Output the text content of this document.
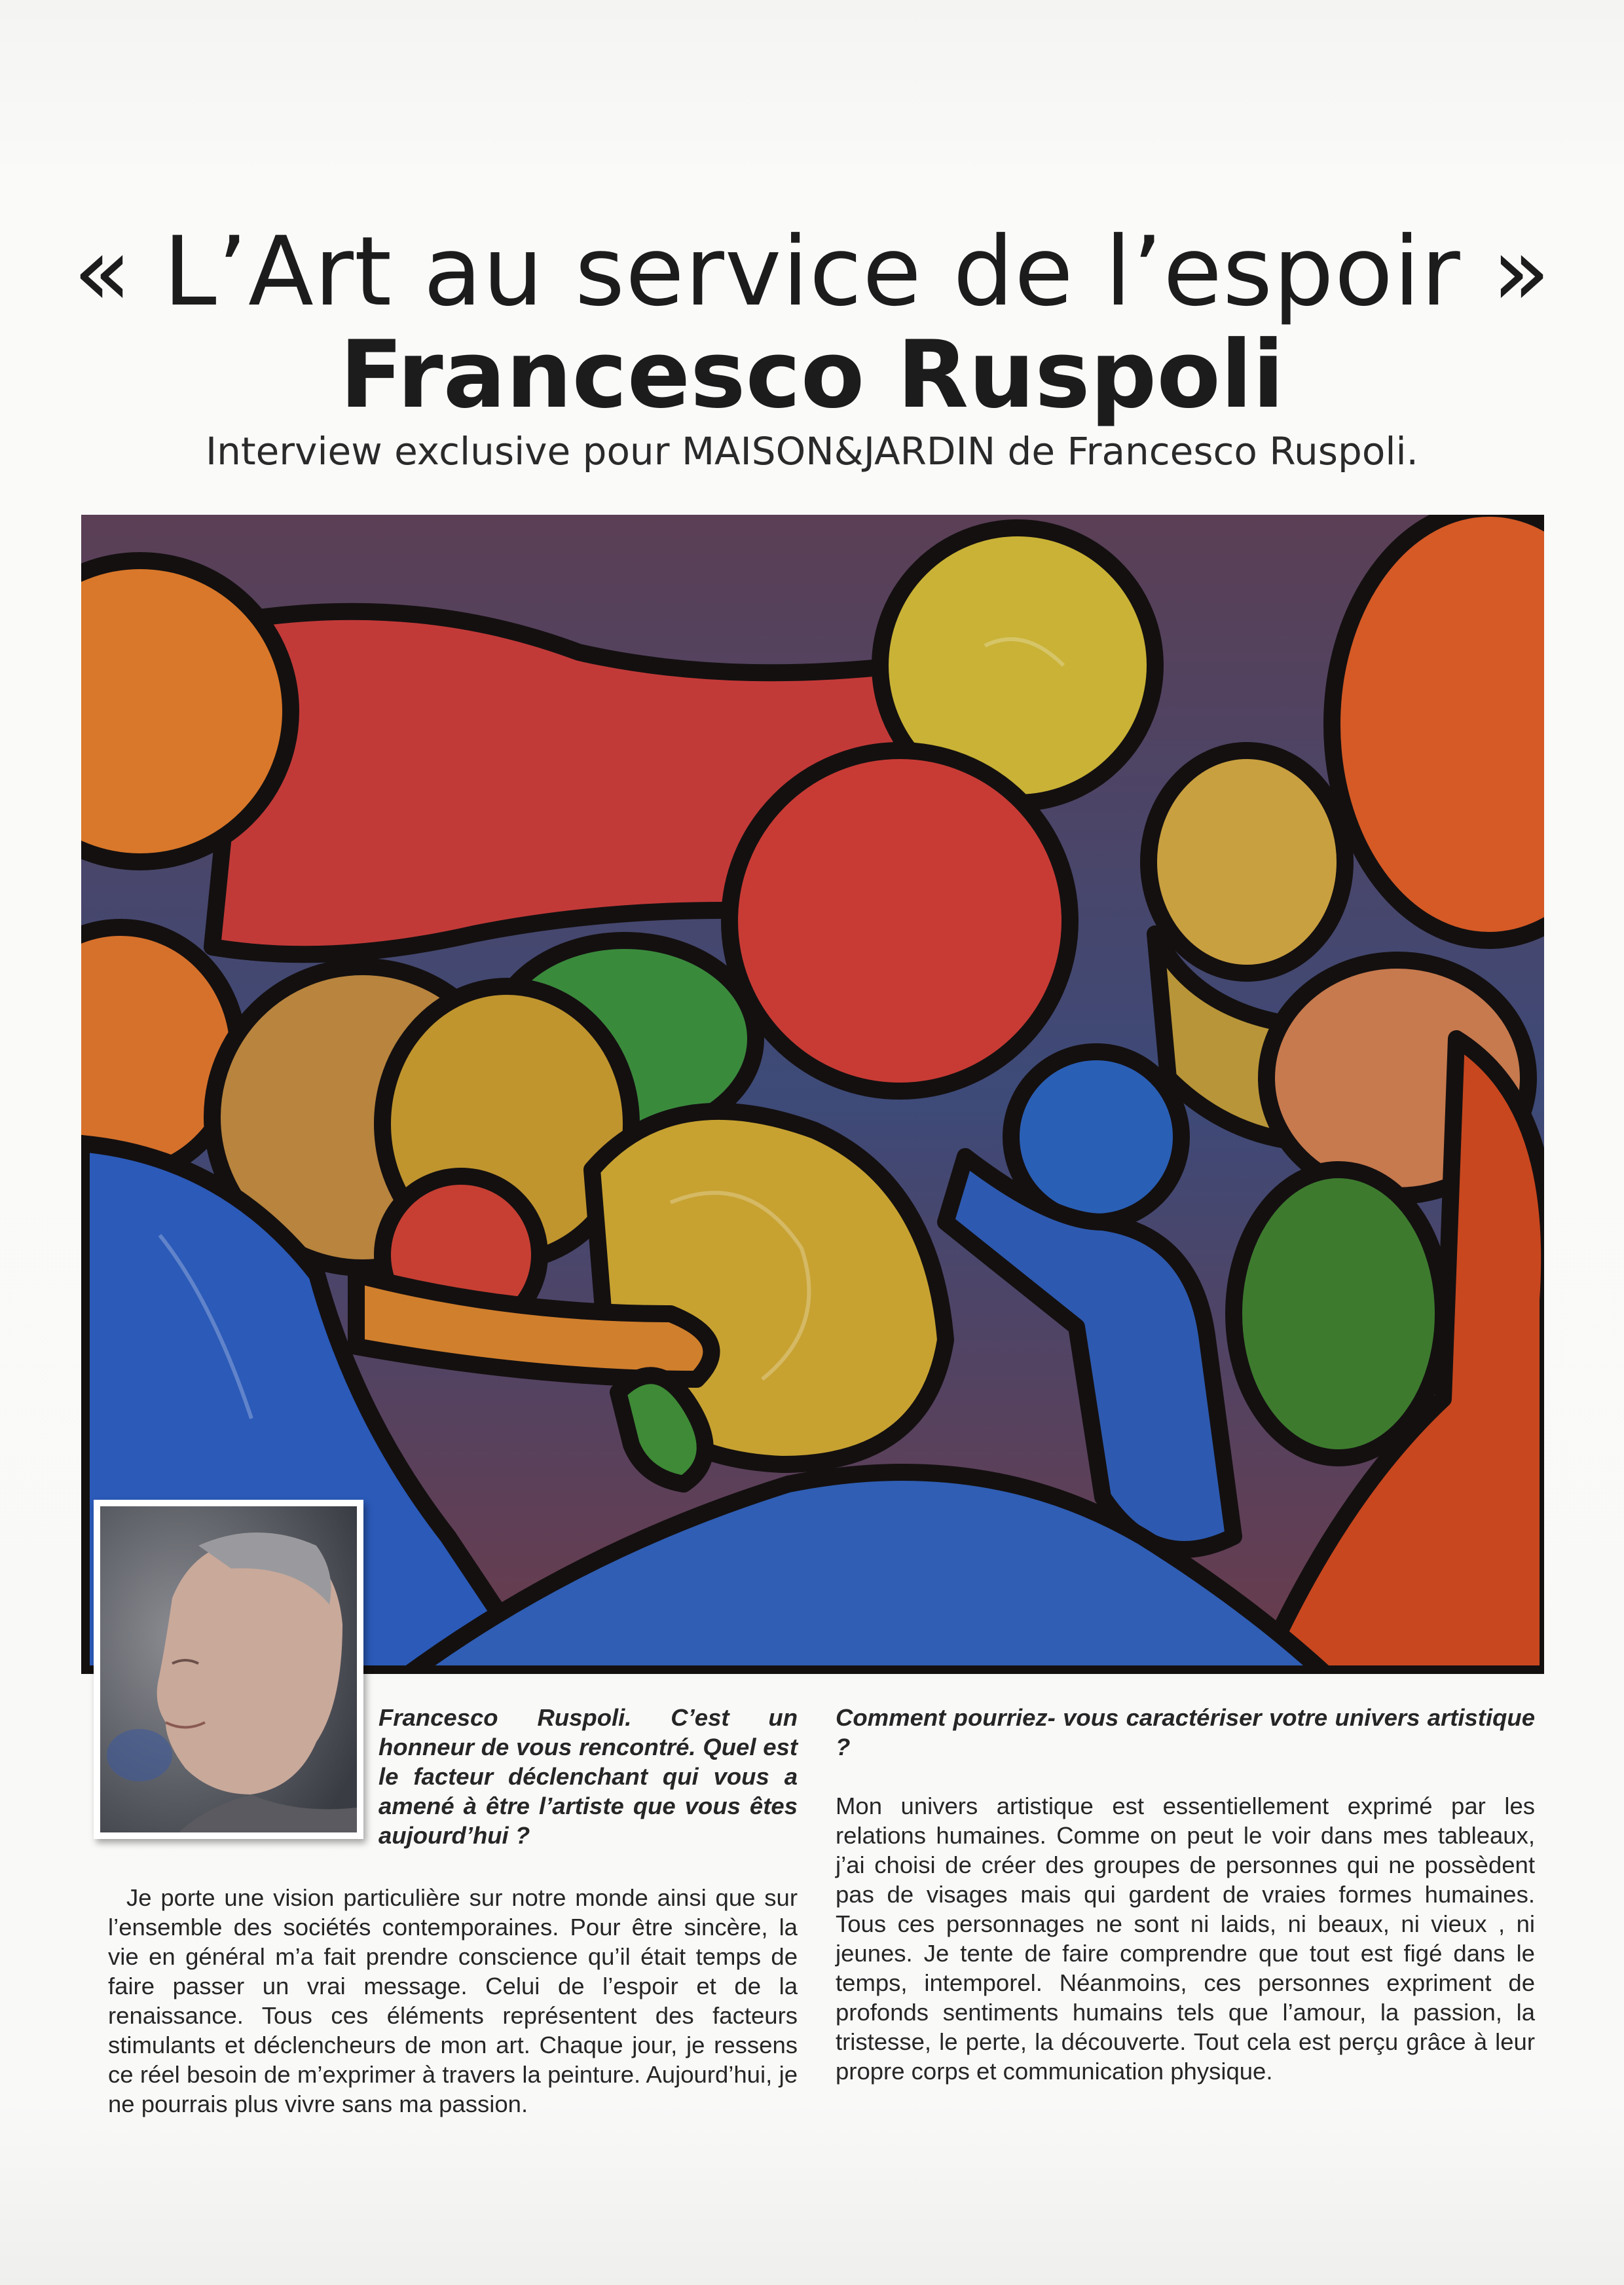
« L’Art au service de l’espoir »
Francesco Ruspoli
Interview exclusive pour MAISON&JARDIN de Francesco Ruspoli.
Francesco Ruspoli. C’est un honneur de vous rencontré. Quel est le facteur déclenchant qui vous a amené à être l’artiste que vous êtes aujourd’hui ?
Je porte une vision particulière sur notre monde ainsi que sur l’ensemble des sociétés contemporaines. Pour être sincère, la vie en général m’a fait prendre conscience qu’il était temps de faire passer un vrai message. Celui de l’espoir et de la renaissance. Tous ces éléments représentent des facteurs stimulants et déclencheurs de mon art. Chaque jour, je ressens ce réel besoin de m’exprimer à travers la peinture. Aujourd’hui, je ne pourrais plus vivre sans ma passion.
Comment pourriez- vous caractériser votre univers artistique ?
Mon univers artistique est essentiellement exprimé par les relations humaines. Comme on peut le voir dans mes tableaux, j’ai choisi de créer des groupes de personnes qui ne possèdent pas de visages mais qui gardent de vraies formes humaines. Tous ces personnages ne sont ni laids, ni beaux, ni vieux , ni jeunes. Je tente de faire comprendre que tout est figé dans le temps, intemporel. Néanmoins, ces personnes expriment de profonds sentiments humains tels que l’amour, la passion, la tristesse, le perte, la découverte. Tout cela est perçu grâce à leur propre corps et communication physique.
